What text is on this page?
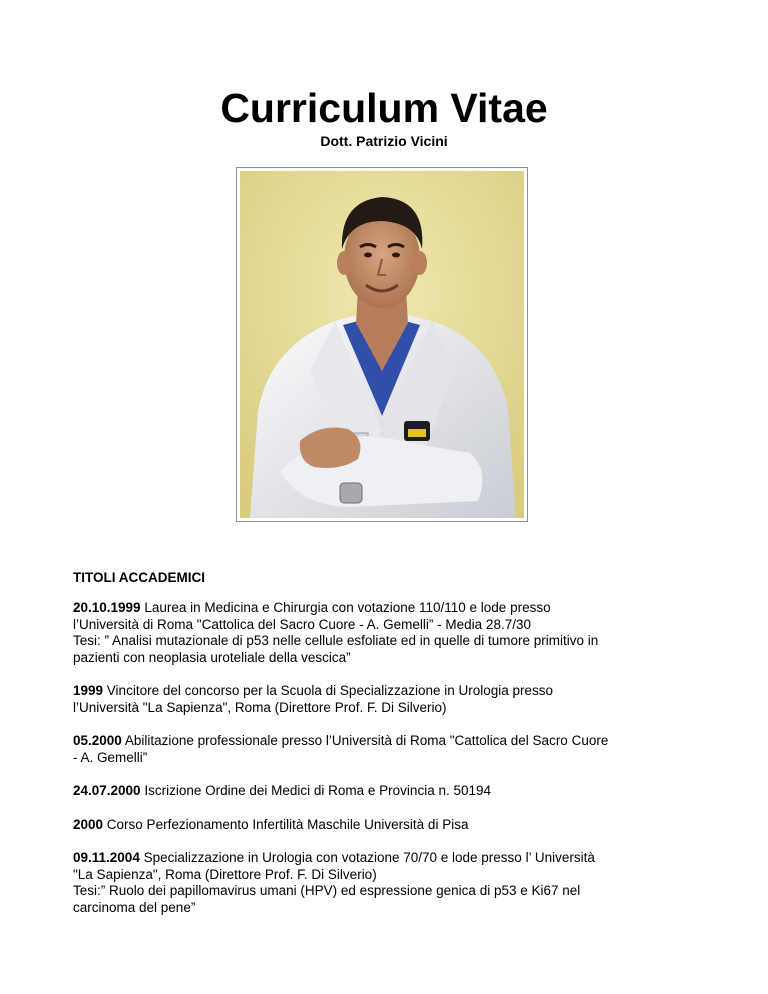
Curriculum Vitae
Dott. Patrizio Vicini
TITOLI ACCADEMICI
20.10.1999 Laurea in Medicina e Chirurgia con votazione 110/110 e lode presso
l’Università di Roma "Cattolica del Sacro Cuore - A. Gemelli” - Media 28.7/30
Tesi: ” Analisi mutazionale di p53 nelle cellule esfoliate ed in quelle di tumore primitivo in
pazienti con neoplasia uroteliale della vescica”
1999 Vincitore del concorso per la Scuola di Specializzazione in Urologia presso
l’Università "La Sapienza", Roma (Direttore Prof. F. Di Silverio)
05.2000 Abilitazione professionale presso l’Università di Roma "Cattolica del Sacro Cuore
- A. Gemelli”
24.07.2000 Iscrizione Ordine dei Medici di Roma e Provincia n. 50194
2000 Corso Perfezionamento Infertilità Maschile Università di Pisa
09.11.2004 Specializzazione in Urologia con votazione 70/70 e lode presso l’ Università
"La Sapienza", Roma (Direttore Prof. F. Di Silverio)
Tesi:” Ruolo dei papillomavirus umani (HPV) ed espressione genica di p53 e Ki67 nel
carcinoma del pene”
